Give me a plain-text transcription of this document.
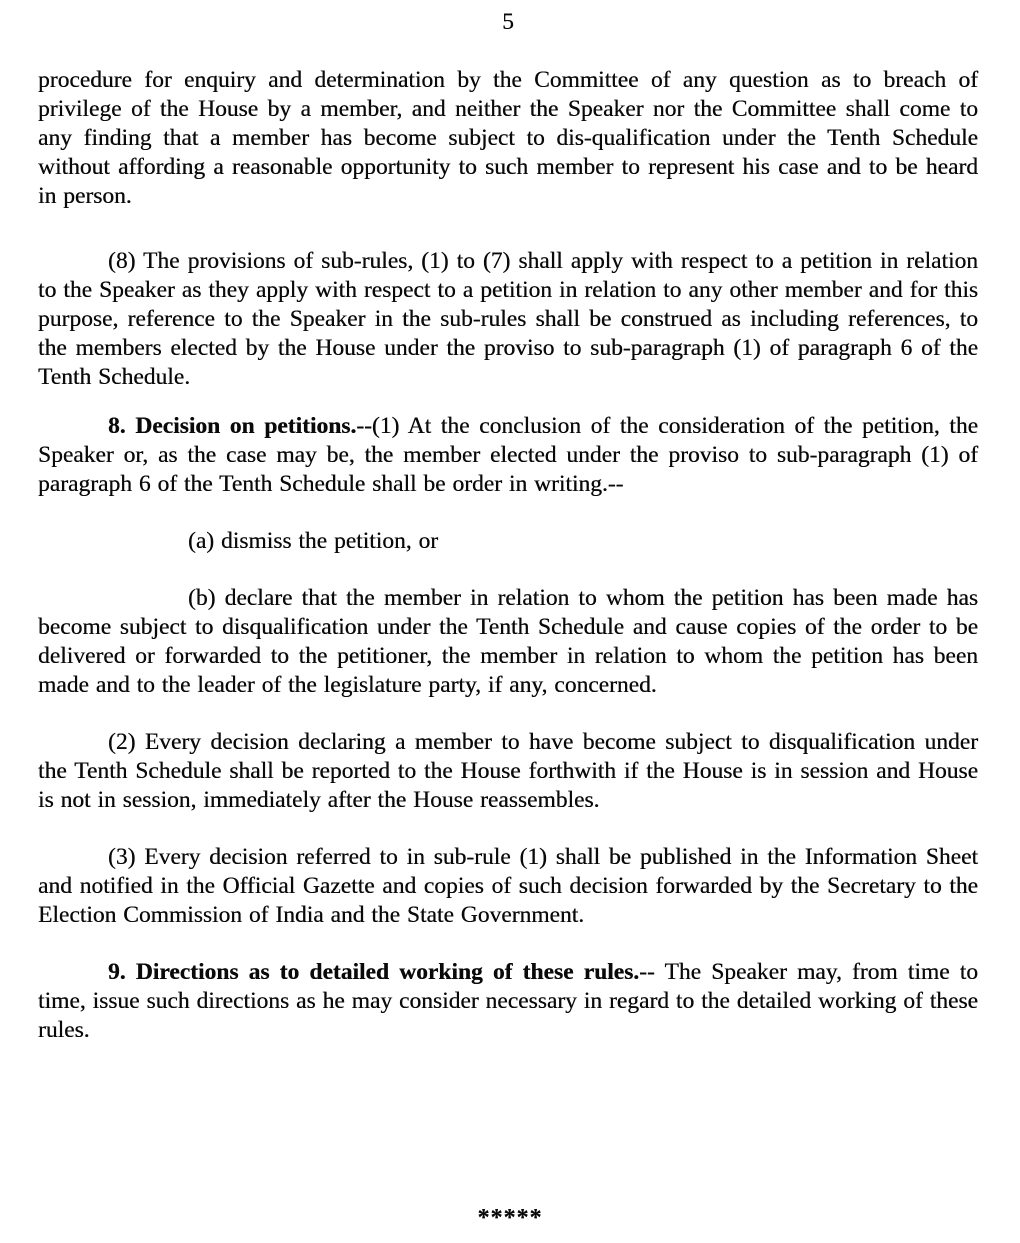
5

procedure for enquiry and determination by the Committee of any question as to breach of privilege of the House by a member, and neither the Speaker nor the Committee shall come to any finding that a member has become subject to dis-qualification under the Tenth Schedule without affording a reasonable opportunity to such member to represent his case and to be heard in person.

(8) The provisions of sub-rules, (1) to (7) shall apply with respect to a petition in relation to the Speaker as they apply with respect to a petition in relation to any other member and for this purpose, reference to the Speaker in the sub-rules shall be construed as including references, to the members elected by the House under the proviso to sub-paragraph (1) of paragraph 6 of the Tenth Schedule.

8. Decision on petitions.--(1) At the conclusion of the consideration of the petition, the Speaker or, as the case may be, the member elected under the proviso to sub-paragraph (1) of paragraph 6 of the Tenth Schedule shall be order in writing.--

(a) dismiss the petition, or

(b) declare that the member in relation to whom the petition has been made has become subject to disqualification under the Tenth Schedule and cause copies of the order to be delivered or forwarded to the petitioner, the member in relation to whom the petition has been made and to the leader of the legislature party, if any, concerned.

(2) Every decision declaring a member to have become subject to disqualification under the Tenth Schedule shall be reported to the House forthwith if the House is in session and House is not in session, immediately after the House reassembles.

(3) Every decision referred to in sub-rule (1) shall be published in the Information Sheet and notified in the Official Gazette and copies of such decision forwarded by the Secretary to the Election Commission of India and the State Government.

9. Directions as to detailed working of these rules.-- The Speaker may, from time to time, issue such directions as he may consider necessary in regard to the detailed working of these rules.

*****
